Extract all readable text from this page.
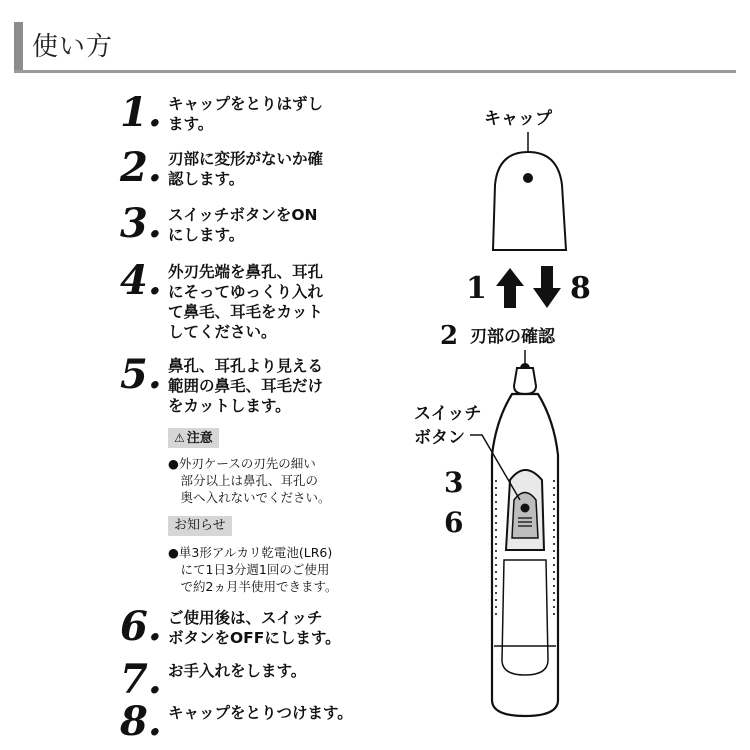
使い方
1. キャップをとりはずし
ます。
2. 刃部に変形がないか確
認します。
3. スイッチボタンをON
にします。
4. 外刃先端を鼻孔、耳孔
にそってゆっくり入れ
て鼻毛、耳毛をカット
してください。
5. 鼻孔、耳孔より見える
範囲の鼻毛、耳毛だけ
をカットします。
⚠ 注意
●外刃ケースの刃先の細い
　部分以上は鼻孔、耳孔の
　奥へ入れないでください。
お知らせ
●単3形アルカリ乾電池(LR6)
　にて1日3分週1回のご使用
　で約2ヵ月半使用できます。
6. ご使用後は、スイッチ
ボタンをOFFにします。
7. お手入れをします。
8. キャップをとりつけます。
キャップ
1	8
2 刃部の確認
スイッチ
ボタン
3
6
